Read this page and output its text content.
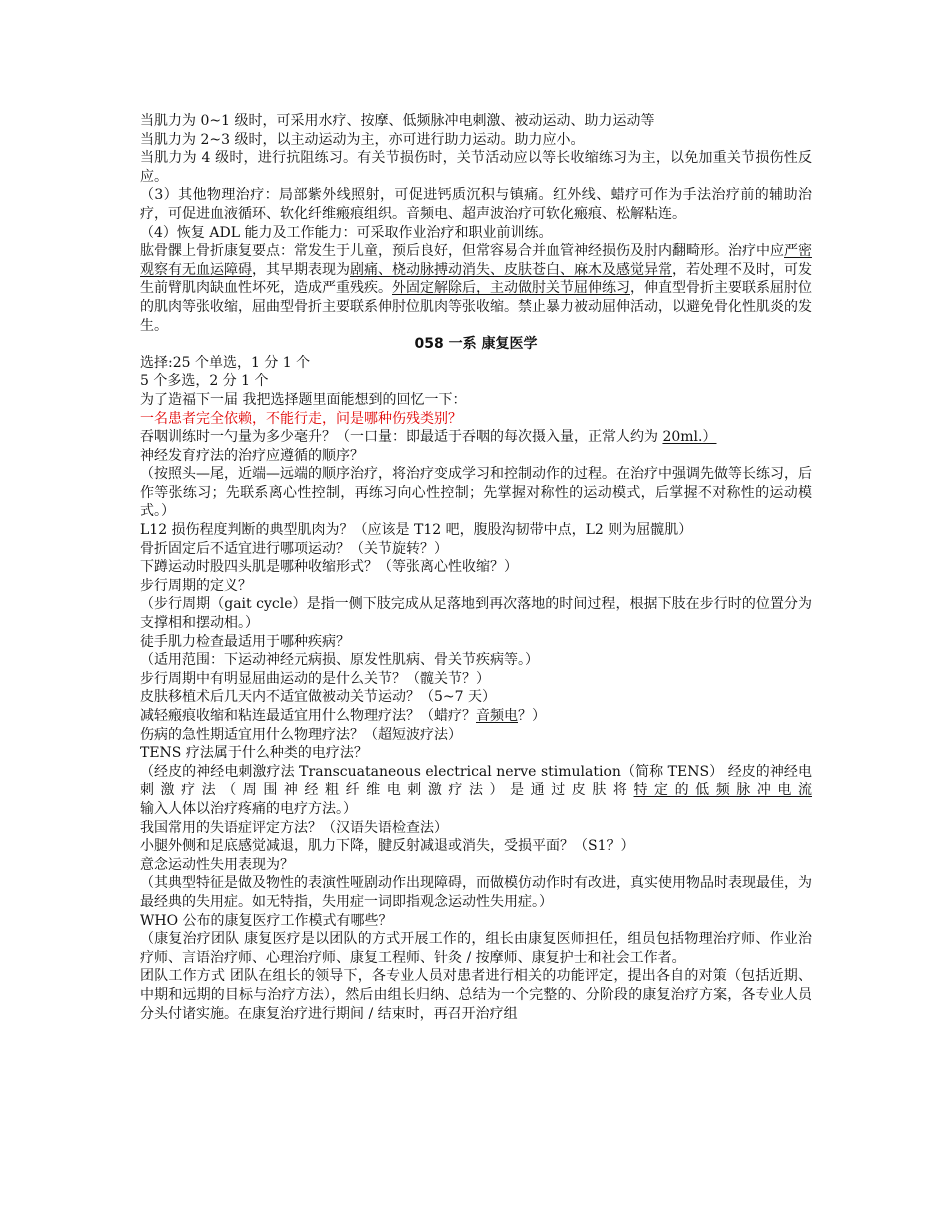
当肌力为 0~1 级时，可采用水疗、按摩、低频脉冲电刺激、被动运动、助力运动等

当肌力为 2~3 级时，以主动运动为主，亦可进行助力运动。助力应小。

当肌力为 4 级时，进行抗阻练习。有关节损伤时，关节活动应以等长收缩练习为主，以免加重关节损伤性反应。

（3）其他物理治疗：局部紫外线照射，可促进钙质沉积与镇痛。红外线、蜡疗可作为手法治疗前的辅助治疗，可促进血液循环、软化纤维瘢痕组织。音频电、超声波治疗可软化瘢痕、松解粘连。

（4）恢复 ADL 能力及工作能力：可采取作业治疗和职业前训练。

肱骨髁上骨折康复要点：常发生于儿童，预后良好，但常容易合并血管神经损伤及肘内翻畸形。治疗中应严密观察有无血运障碍，其早期表现为剧痛、桡动脉搏动消失、皮肤苍白、麻木及感觉异常，若处理不及时，可发生前臂肌肉缺血性坏死，造成严重残疾。外固定解除后，主动做肘关节屈伸练习，伸直型骨折主要联系屈肘位的肌肉等张收缩，屈曲型骨折主要联系伸肘位肌肉等张收缩。禁止暴力被动屈伸活动，以避免骨化性肌炎的发生。

058 一系 康复医学

选择:25 个单选，1 分 1 个

5 个多选，2 分 1 个

为了造福下一届 我把选择题里面能想到的回忆一下：

一名患者完全依赖，不能行走，问是哪种伤残类别？

吞咽训练时一勺量为多少毫升？（一口量：即最适于吞咽的每次摄入量，正常人约为 20ml.）

神经发育疗法的治疗应遵循的顺序？

（按照头—尾，近端—远端的顺序治疗，将治疗变成学习和控制动作的过程。在治疗中强调先做等长练习，后作等张练习；先联系离心性控制，再练习向心性控制；先掌握对称性的运动模式，后掌握不对称性的运动模式。）

L12 损伤程度判断的典型肌肉为？（应该是 T12 吧，腹股沟韧带中点，L2 则为屈髋肌）

骨折固定后不适宜进行哪项运动？（关节旋转？）

下蹲运动时股四头肌是哪种收缩形式？（等张离心性收缩？）

步行周期的定义？

（步行周期（gait cycle）是指一侧下肢完成从足落地到再次落地的时间过程，根据下肢在步行时的位置分为支撑相和摆动相。）

徒手肌力检查最适用于哪种疾病？

（适用范围：下运动神经元病损、原发性肌病、骨关节疾病等。）

步行周期中有明显屈曲运动的是什么关节？（髋关节？）

皮肤移植术后几天内不适宜做被动关节运动？（5~7 天）

减轻瘢痕收缩和粘连最适宜用什么物理疗法？（蜡疗？音频电？）

伤病的急性期适宜用什么物理疗法？（超短波疗法）

TENS 疗法属于什么种类的电疗法？

（经皮的神经电刺激疗法 Transcuataneous electrical nerve stimulation（简称 TENS） 经皮的神经电刺激疗法（周围神经粗纤维电刺激疗法）是通过皮肤将特定的低频脉冲电流输入人体以治疗疼痛的电疗方法。）

我国常用的失语症评定方法？（汉语失语检查法）

小腿外侧和足底感觉减退，肌力下降，腱反射减退或消失，受损平面？（S1？）

意念运动性失用表现为？

（其典型特征是做及物性的表演性哑剧动作出现障碍，而做模仿动作时有改进，真实使用物品时表现最佳，为最经典的失用症。如无特指，失用症一词即指观念运动性失用症。）

WHO 公布的康复医疗工作模式有哪些？

（康复治疗团队 康复医疗是以团队的方式开展工作的，组长由康复医师担任，组员包括物理治疗师、作业治疗师、言语治疗师、心理治疗师、康复工程师、针灸 / 按摩师、康复护士和社会工作者。

团队工作方式 团队在组长的领导下，各专业人员对患者进行相关的功能评定，提出各自的对策（包括近期、中期和远期的目标与治疗方法），然后由组长归纳、总结为一个完整的、分阶段的康复治疗方案，各专业人员分头付诸实施。在康复治疗进行期间 / 结束时，再召开治疗组
